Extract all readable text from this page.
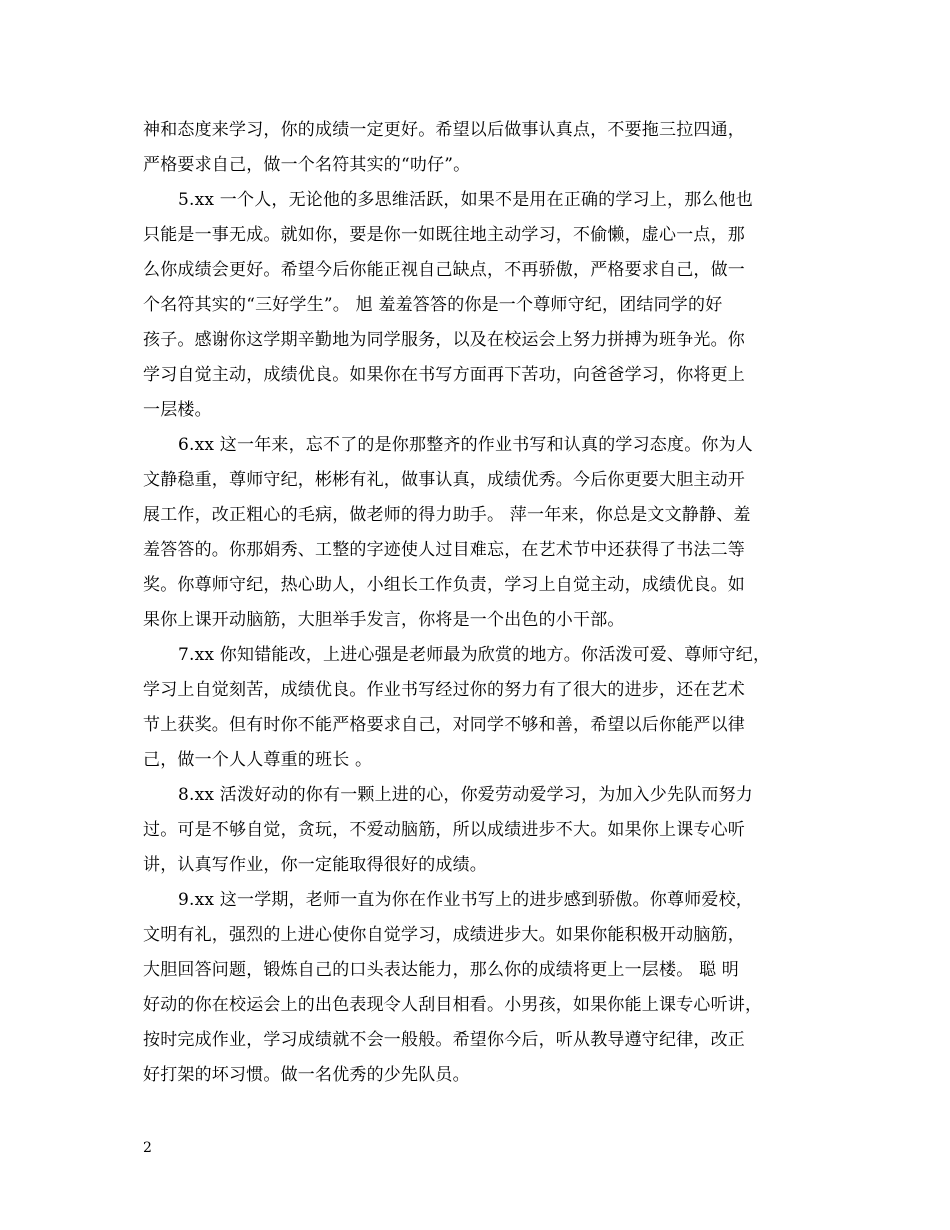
神和态度来学习，你的成绩一定更好。希望以后做事认真点，不要拖三拉四通，
严格要求自己，做一个名符其实的“叻仔”。
5.xx 一个人，无论他的多思维活跃，如果不是用在正确的学习上，那么他也
只能是一事无成。就如你，要是你一如既往地主动学习，不偷懒，虚心一点，那
么你成绩会更好。希望今后你能正视自己缺点，不再骄傲，严格要求自己，做一
个名符其实的“三好学生”。 旭 羞羞答答的你是一个尊师守纪，团结同学的好
孩子。感谢你这学期辛勤地为同学服务，以及在校运会上努力拼搏为班争光。你
学习自觉主动，成绩优良。如果你在书写方面再下苦功，向爸爸学习，你将更上
一层楼。
6.xx 这一年来，忘不了的是你那整齐的作业书写和认真的学习态度。你为人
文静稳重，尊师守纪，彬彬有礼，做事认真，成绩优秀。今后你更要大胆主动开
展工作，改正粗心的毛病，做老师的得力助手。 萍一年来，你总是文文静静、羞
羞答答的。你那娟秀、工整的字迹使人过目难忘，在艺术节中还获得了书法二等
奖。你尊师守纪，热心助人，小组长工作负责，学习上自觉主动，成绩优良。如
果你上课开动脑筋，大胆举手发言，你将是一个出色的小干部。
7.xx 你知错能改，上进心强是老师最为欣赏的地方。你活泼可爱、尊师守纪，
学习上自觉刻苦，成绩优良。作业书写经过你的努力有了很大的进步，还在艺术
节上获奖。但有时你不能严格要求自己，对同学不够和善，希望以后你能严以律
己，做一个人人尊重的班长 。
8.xx 活泼好动的你有一颗上进的心，你爱劳动爱学习，为加入少先队而努力
过。可是不够自觉，贪玩，不爱动脑筋，所以成绩进步不大。如果你上课专心听
讲，认真写作业，你一定能取得很好的成绩。
9.xx 这一学期，老师一直为你在作业书写上的进步感到骄傲。你尊师爱校，
文明有礼，强烈的上进心使你自觉学习，成绩进步大。如果你能积极开动脑筋，
大胆回答问题，锻炼自己的口头表达能力，那么你的成绩将更上一层楼。 聪 明
好动的你在校运会上的出色表现令人刮目相看。小男孩，如果你能上课专心听讲，
按时完成作业，学习成绩就不会一般般。希望你今后，听从教导遵守纪律，改正
好打架的坏习惯。做一名优秀的少先队员。
2
